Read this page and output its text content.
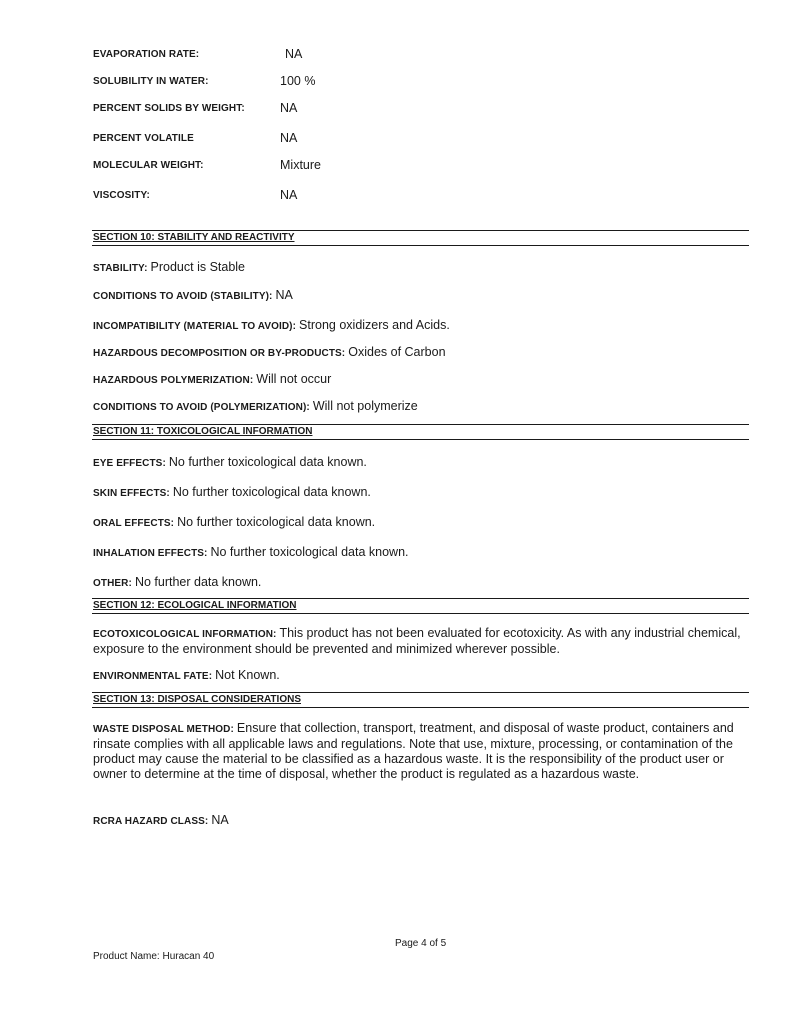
EVAPORATION RATE:	NA
SOLUBILITY IN WATER:	100 %
PERCENT SOLIDS BY WEIGHT:	NA
PERCENT VOLATILE	NA
MOLECULAR WEIGHT:	Mixture
VISCOSITY:	NA
SECTION 10: STABILITY AND REACTIVITY
STABILITY: Product is Stable
CONDITIONS TO AVOID (STABILITY): NA
INCOMPATIBILITY (MATERIAL TO AVOID): Strong oxidizers and Acids.
HAZARDOUS DECOMPOSITION OR BY-PRODUCTS: Oxides of Carbon
HAZARDOUS POLYMERIZATION: Will not occur
CONDITIONS TO AVOID (POLYMERIZATION): Will not polymerize
SECTION 11: TOXICOLOGICAL INFORMATION
EYE EFFECTS: No further toxicological data known.
SKIN EFFECTS: No further toxicological data known.
ORAL EFFECTS: No further toxicological data known.
INHALATION EFFECTS: No further toxicological data known.
OTHER: No further data known.
SECTION 12: ECOLOGICAL INFORMATION
ECOTOXICOLOGICAL INFORMATION: This product has not been evaluated for ecotoxicity. As with any industrial chemical, exposure to the environment should be prevented and minimized wherever possible.
ENVIRONMENTAL FATE: Not Known.
SECTION 13: DISPOSAL CONSIDERATIONS
WASTE DISPOSAL METHOD: Ensure that collection, transport, treatment, and disposal of waste product, containers and rinsate complies with all applicable laws and regulations. Note that use, mixture, processing, or contamination of the product may cause the material to be classified as a hazardous waste. It is the responsibility of the product user or owner to determine at the time of disposal, whether the product is regulated as a hazardous waste.
RCRA HAZARD CLASS: NA
Page 4 of 5
Product Name: Huracan 40
